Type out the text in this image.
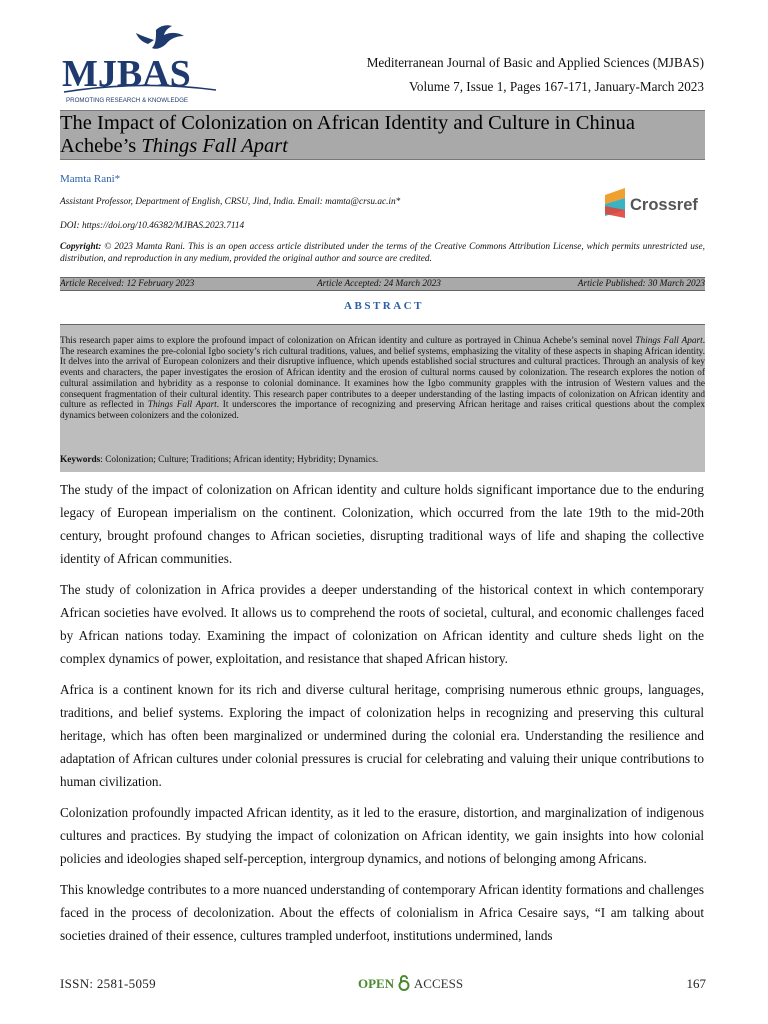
MJBAS
PROMOTING RESEARCH & KNOWLEDGE
Mediterranean Journal of Basic and Applied Sciences (MJBAS)
Volume 7, Issue 1, Pages 167-171, January-March 2023
The Impact of Colonization on African Identity and Culture in Chinua Achebe’s Things Fall Apart
Mamta Rani*
Assistant Professor, Department of English, CRSU, Jind, India. Email: mamta@crsu.ac.in*
DOI: https://doi.org/10.46382/MJBAS.2023.7114
Crossref
Copyright: © 2023 Mamta Rani. This is an open access article distributed under the terms of the Creative Commons Attribution License, which permits unrestricted use, distribution, and reproduction in any medium, provided the original author and source are credited.
Article Received: 12 February 2023	Article Accepted: 24 March 2023	Article Published: 30 March 2023
ABSTRACT
This research paper aims to explore the profound impact of colonization on African identity and culture as portrayed in Chinua Achebe’s seminal novel Things Fall Apart. The research examines the pre-colonial Igbo society’s rich cultural traditions, values, and belief systems, emphasizing the vitality of these aspects in shaping African identity. It delves into the arrival of European colonizers and their disruptive influence, which upends established social structures and cultural practices. Through an analysis of key events and characters, the paper investigates the erosion of African identity and the erosion of cultural norms caused by colonization. The research explores the notion of cultural assimilation and hybridity as a response to colonial dominance. It examines how the Igbo community grapples with the intrusion of Western values and the consequent fragmentation of their cultural identity. This research paper contributes to a deeper understanding of the lasting impacts of colonization on African identity and culture as reflected in Things Fall Apart. It underscores the importance of recognizing and preserving African heritage and raises critical questions about the complex dynamics between colonizers and the colonized.
Keywords: Colonization; Culture; Traditions; African identity; Hybridity; Dynamics.

The study of the impact of colonization on African identity and culture holds significant importance due to the enduring legacy of European imperialism on the continent. Colonization, which occurred from the late 19th to the mid-20th century, brought profound changes to African societies, disrupting traditional ways of life and shaping the collective identity of African communities.

The study of colonization in Africa provides a deeper understanding of the historical context in which contemporary African societies have evolved. It allows us to comprehend the roots of societal, cultural, and economic challenges faced by African nations today. Examining the impact of colonization on African identity and culture sheds light on the complex dynamics of power, exploitation, and resistance that shaped African history.

Africa is a continent known for its rich and diverse cultural heritage, comprising numerous ethnic groups, languages, traditions, and belief systems. Exploring the impact of colonization helps in recognizing and preserving this cultural heritage, which has often been marginalized or undermined during the colonial era. Understanding the resilience and adaptation of African cultures under colonial pressures is crucial for celebrating and valuing their unique contributions to human civilization.

Colonization profoundly impacted African identity, as it led to the erasure, distortion, and marginalization of indigenous cultures and practices. By studying the impact of colonization on African identity, we gain insights into how colonial policies and ideologies shaped self-perception, intergroup dynamics, and notions of belonging among Africans.

This knowledge contributes to a more nuanced understanding of contemporary African identity formations and challenges faced in the process of decolonization. About the effects of colonialism in Africa Cesaire says, “I am talking about societies drained of their essence, cultures trampled underfoot, institutions undermined, lands

ISSN: 2581-5059	OPEN ACCESS	167
